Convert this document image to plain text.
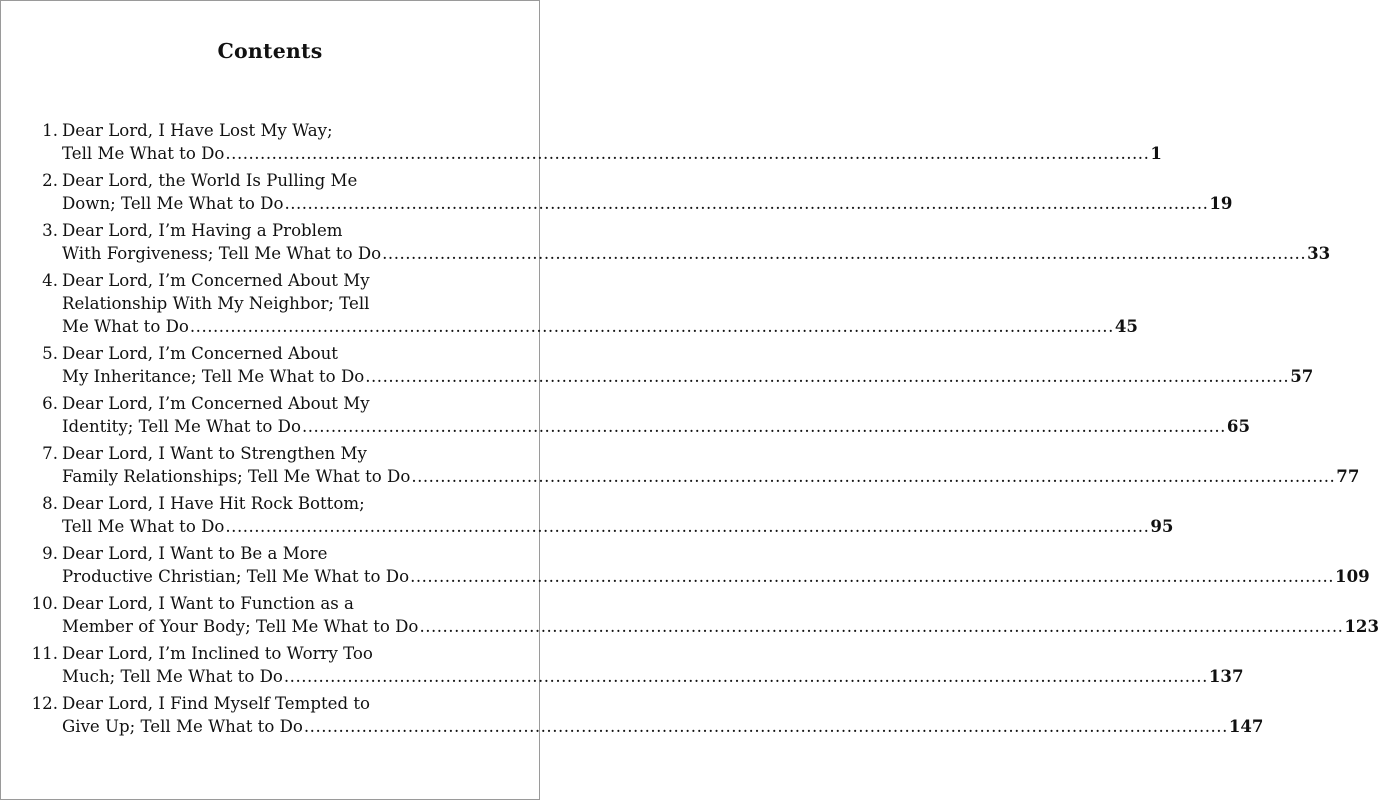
Contents
1. Dear Lord, I Have Lost My Way;
Tell Me What to Do ................................................................................................................................................................ 1
2. Dear Lord, the World Is Pulling Me
Down; Tell Me What to Do ................................................................................................................................................................ 19
3. Dear Lord, I’m Having a Problem
With Forgiveness; Tell Me What to Do ................................................................................................................................................................ 33
4. Dear Lord, I’m Concerned About My
Relationship With My Neighbor; Tell
Me What to Do ................................................................................................................................................................ 45
5. Dear Lord, I’m Concerned About
My Inheritance; Tell Me What to Do ................................................................................................................................................................ 57
6. Dear Lord, I’m Concerned About My
Identity; Tell Me What to Do ................................................................................................................................................................ 65
7. Dear Lord, I Want to Strengthen My
Family Relationships; Tell Me What to Do ................................................................................................................................................................ 77
8. Dear Lord, I Have Hit Rock Bottom;
Tell Me What to Do ................................................................................................................................................................ 95
9. Dear Lord, I Want to Be a More
Productive Christian; Tell Me What to Do ................................................................................................................................................................ 109
10. Dear Lord, I Want to Function as a
Member of Your Body; Tell Me What to Do ................................................................................................................................................................ 123
11. Dear Lord, I’m Inclined to Worry Too
Much; Tell Me What to Do ................................................................................................................................................................ 137
12. Dear Lord, I Find Myself Tempted to
Give Up; Tell Me What to Do ................................................................................................................................................................ 147
